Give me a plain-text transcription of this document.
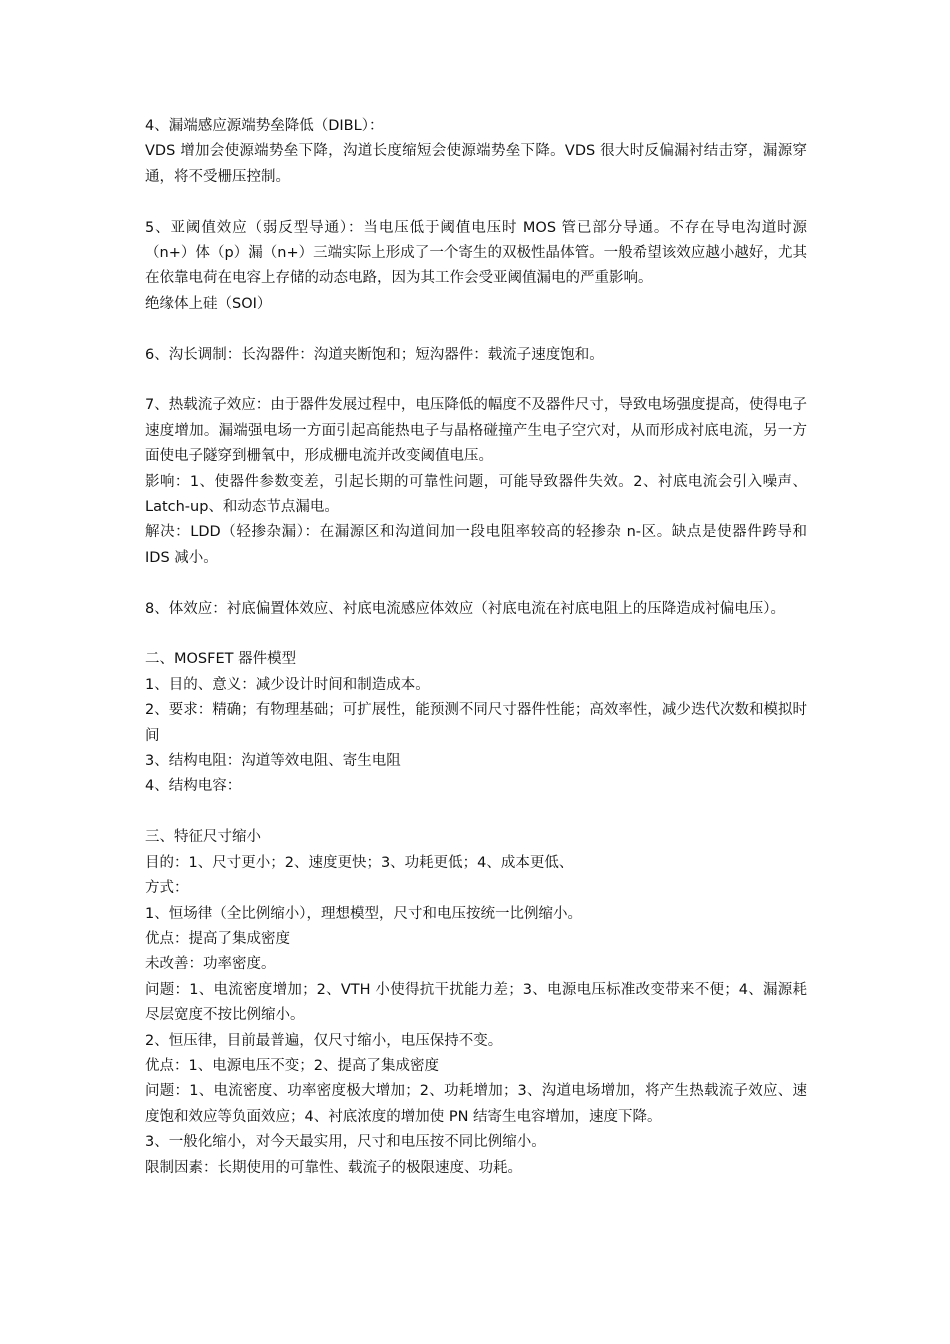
4、漏端感应源端势垒降低（DIBL）：

VDS 增加会使源端势垒下降，沟道长度缩短会使源端势垒下降。VDS 很大时反偏漏衬结击穿，漏源穿通，将不受栅压控制。

5、亚阈值效应（弱反型导通）：当电压低于阈值电压时 MOS 管已部分导通。不存在导电沟道时源（n+）体（p）漏（n+）三端实际上形成了一个寄生的双极性晶体管。一般希望该效应越小越好，尤其在依靠电荷在电容上存储的动态电路，因为其工作会受亚阈值漏电的严重影响。

绝缘体上硅（SOI）

6、沟长调制：长沟器件：沟道夹断饱和；短沟器件：载流子速度饱和。

7、热载流子效应：由于器件发展过程中，电压降低的幅度不及器件尺寸，导致电场强度提高，使得电子速度增加。漏端强电场一方面引起高能热电子与晶格碰撞产生电子空穴对，从而形成衬底电流，另一方面使电子隧穿到栅氧中，形成栅电流并改变阈值电压。

影响：1、使器件参数变差，引起长期的可靠性问题，可能导致器件失效。2、衬底电流会引入噪声、Latch-up、和动态节点漏电。

解决：LDD（轻掺杂漏）：在漏源区和沟道间加一段电阻率较高的轻掺杂 n-区。缺点是使器件跨导和 IDS 减小。

8、体效应：衬底偏置体效应、衬底电流感应体效应（衬底电流在衬底电阻上的压降造成衬偏电压）。

二、MOSFET 器件模型

1、目的、意义：减少设计时间和制造成本。

2、要求：精确；有物理基础；可扩展性，能预测不同尺寸器件性能；高效率性，减少迭代次数和模拟时间

3、结构电阻：沟道等效电阻、寄生电阻

4、结构电容：

三、特征尺寸缩小

目的：1、尺寸更小；2、速度更快；3、功耗更低；4、成本更低、

方式：

1、恒场律（全比例缩小），理想模型，尺寸和电压按统一比例缩小。

优点：提高了集成密度

未改善：功率密度。

问题：1、电流密度增加；2、VTH 小使得抗干扰能力差；3、电源电压标准改变带来不便；4、漏源耗尽层宽度不按比例缩小。

2、恒压律，目前最普遍，仅尺寸缩小，电压保持不变。

优点：1、电源电压不变；2、提高了集成密度

问题：1、电流密度、功率密度极大增加；2、功耗增加；3、沟道电场增加，将产生热载流子效应、速度饱和效应等负面效应；4、衬底浓度的增加使 PN 结寄生电容增加，速度下降。

3、一般化缩小，对今天最实用，尺寸和电压按不同比例缩小。

限制因素：长期使用的可靠性、载流子的极限速度、功耗。
